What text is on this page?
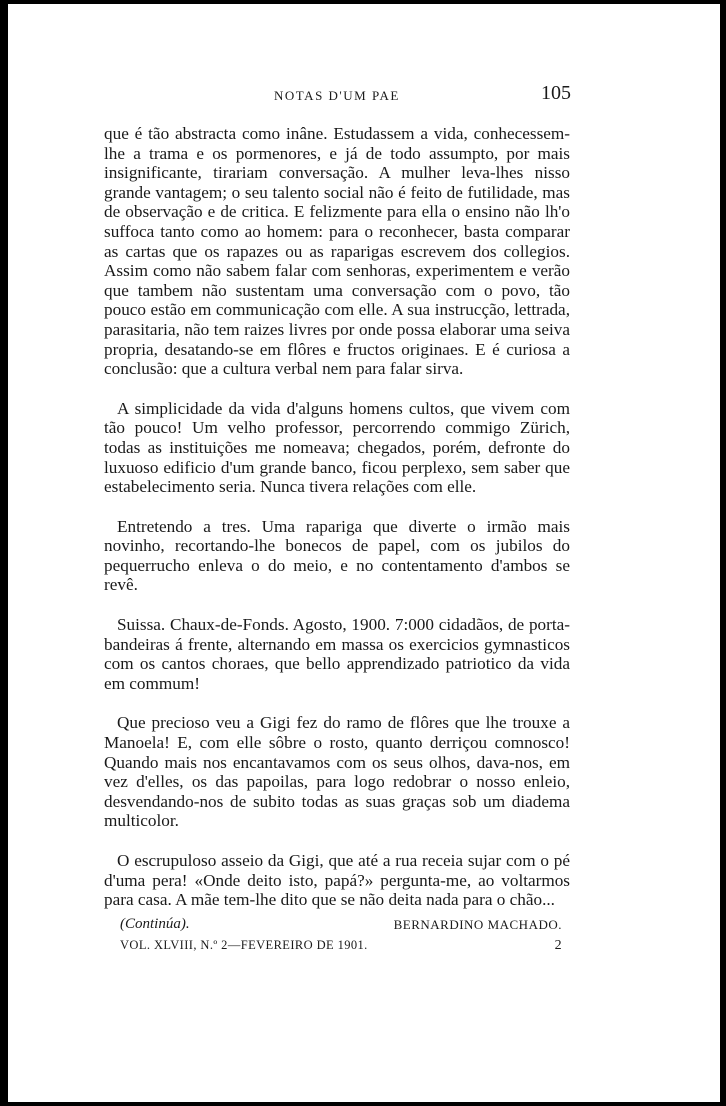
NOTAS D'UM PAE	105

que é tão abstracta como inâne. Estudassem a vida, conhecessem-lhe a trama e os pormenores, e já de todo assumpto, por mais insignificante, tirariam conversação. A mulher leva-lhes nisso grande vantagem; o seu talento social não é feito de futilidade, mas de observação e de critica. E felizmente para ella o ensino não lh'o suffoca tanto como ao homem: para o reconhecer, basta comparar as cartas que os rapazes ou as raparigas escrevem dos collegios. Assim como não sabem falar com senhoras, experimentem e verão que tambem não sustentam uma conversação com o povo, tão pouco estão em communicação com elle. A sua instrucção, lettrada, parasitaria, não tem raizes livres por onde possa elaborar uma seiva propria, desatando-se em flôres e fructos originaes. E é curiosa a conclusão: que a cultura verbal nem para falar sirva.

A simplicidade da vida d'alguns homens cultos, que vivem com tão pouco! Um velho professor, percorrendo commigo Zürich, todas as instituições me nomeava; chegados, porém, defronte do luxuoso edificio d'um grande banco, ficou perplexo, sem saber que estabelecimento seria. Nunca tivera relações com elle.

Entretendo a tres. Uma rapariga que diverte o irmão mais novinho, recortando-lhe bonecos de papel, com os jubilos do pequerrucho enleva o do meio, e no contentamento d'ambos se revê.

Suissa. Chaux-de-Fonds. Agosto, 1900. 7:000 cidadãos, de porta-bandeiras á frente, alternando em massa os exercicios gymnasticos com os cantos choraes, que bello apprendizado patriotico da vida em commum!

Que precioso veu a Gigi fez do ramo de flôres que lhe trouxe a Manoela! E, com elle sôbre o rosto, quanto derriçou comnosco! Quando mais nos encantavamos com os seus olhos, dava-nos, em vez d'elles, os das papoilas, para logo redobrar o nosso enleio, desvendando-nos de subito todas as suas graças sob um diadema multicolor.

O escrupuloso asseio da Gigi, que até a rua receia sujar com o pé d'uma pera! «Onde deito isto, papá?» pergunta-me, ao voltarmos para casa. A mãe tem-lhe dito que se não deita nada para o chão...

(Continúa).	BERNARDINO MACHADO.
VOL. XLVIII, N.º 2—FEVEREIRO DE 1901.	2
